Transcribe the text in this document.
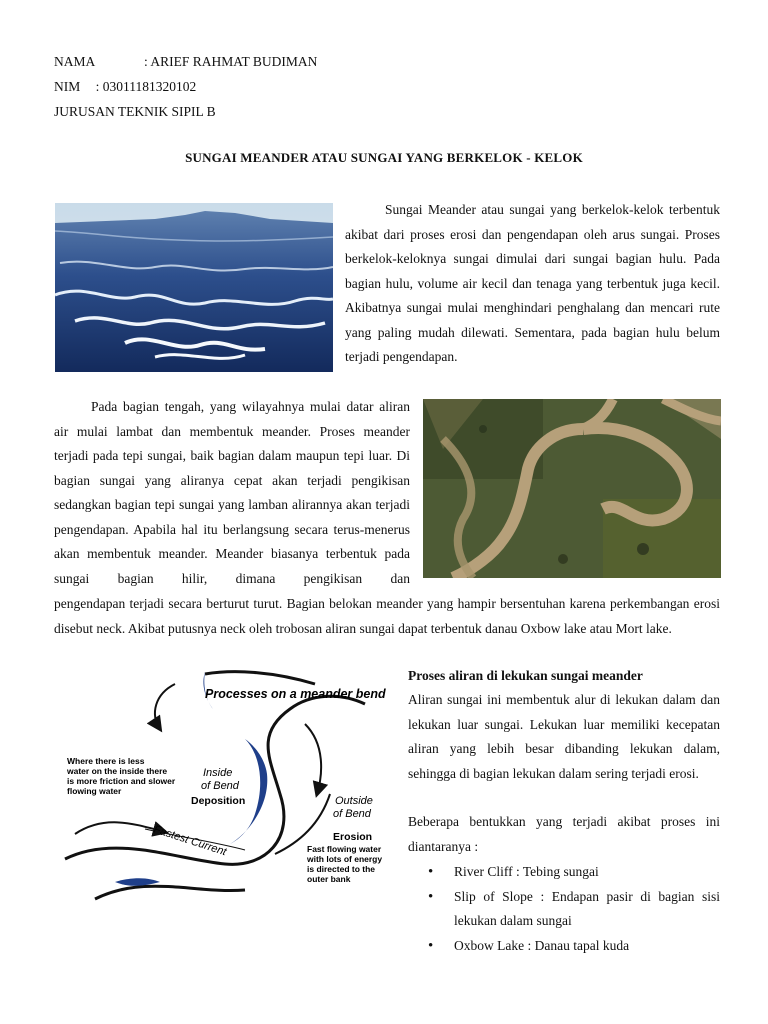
NAMA	: ARIEF RAHMAT BUDIMAN
NIM : 03011181320102
JURUSAN TEKNIK SIPIL B
SUNGAI MEANDER ATAU SUNGAI YANG BERKELOK - KELOK
Sungai Meander atau sungai yang berkelok-kelok terbentuk akibat dari proses erosi dan pengendapan oleh arus sungai. Proses berkelok-keloknya sungai dimulai dari sungai bagian hulu. Pada bagian hulu, volume air kecil dan tenaga yang terbentuk juga kecil. Akibatnya sungai mulai menghindari penghalang dan mencari rute yang paling mudah dilewati. Sementara, pada bagian hulu belum terjadi pengendapan.
Pada bagian tengah, yang wilayahnya mulai datar aliran air mulai lambat dan membentuk meander. Proses meander terjadi pada tepi sungai, baik bagian dalam maupun tepi luar. Di bagian sungai yang aliranya cepat akan terjadi pengikisan sedangkan bagian tepi sungai yang lamban alirannya akan terjadi pengendapan. Apabila hal itu berlangsung secara terus-menerus akan membentuk meander. Meander biasanya terbentuk pada sungai bagian hilir, dimana pengikisan dan
pengendapan terjadi secara berturut turut. Bagian belokan meander yang hampir bersentuhan karena perkembangan erosi disebut neck. Akibat putusnya neck oleh trobosan aliran sungai dapat terbentuk danau Oxbow lake atau Mort lake.
Processes on a meander bend
Where there is less water on the inside there is more friction and slower flowing water
Inside of Bend
Deposition	Outside of Bend
Erosion
Fast flowing water with lots of energy is directed to the outer bank
Fastest Current
Proses aliran di lekukan sungai meander
Aliran sungai ini membentuk alur di lekukan dalam dan lekukan luar sungai. Lekukan luar memiliki kecepatan aliran yang lebih besar dibanding lekukan dalam, sehingga di bagian lekukan dalam sering terjadi erosi.
Beberapa bentukkan yang terjadi akibat proses ini diantaranya :
• River Cliff : Tebing sungai
• Slip of Slope : Endapan pasir di bagian sisi lekukan dalam sungai
• Oxbow Lake : Danau tapal kuda
